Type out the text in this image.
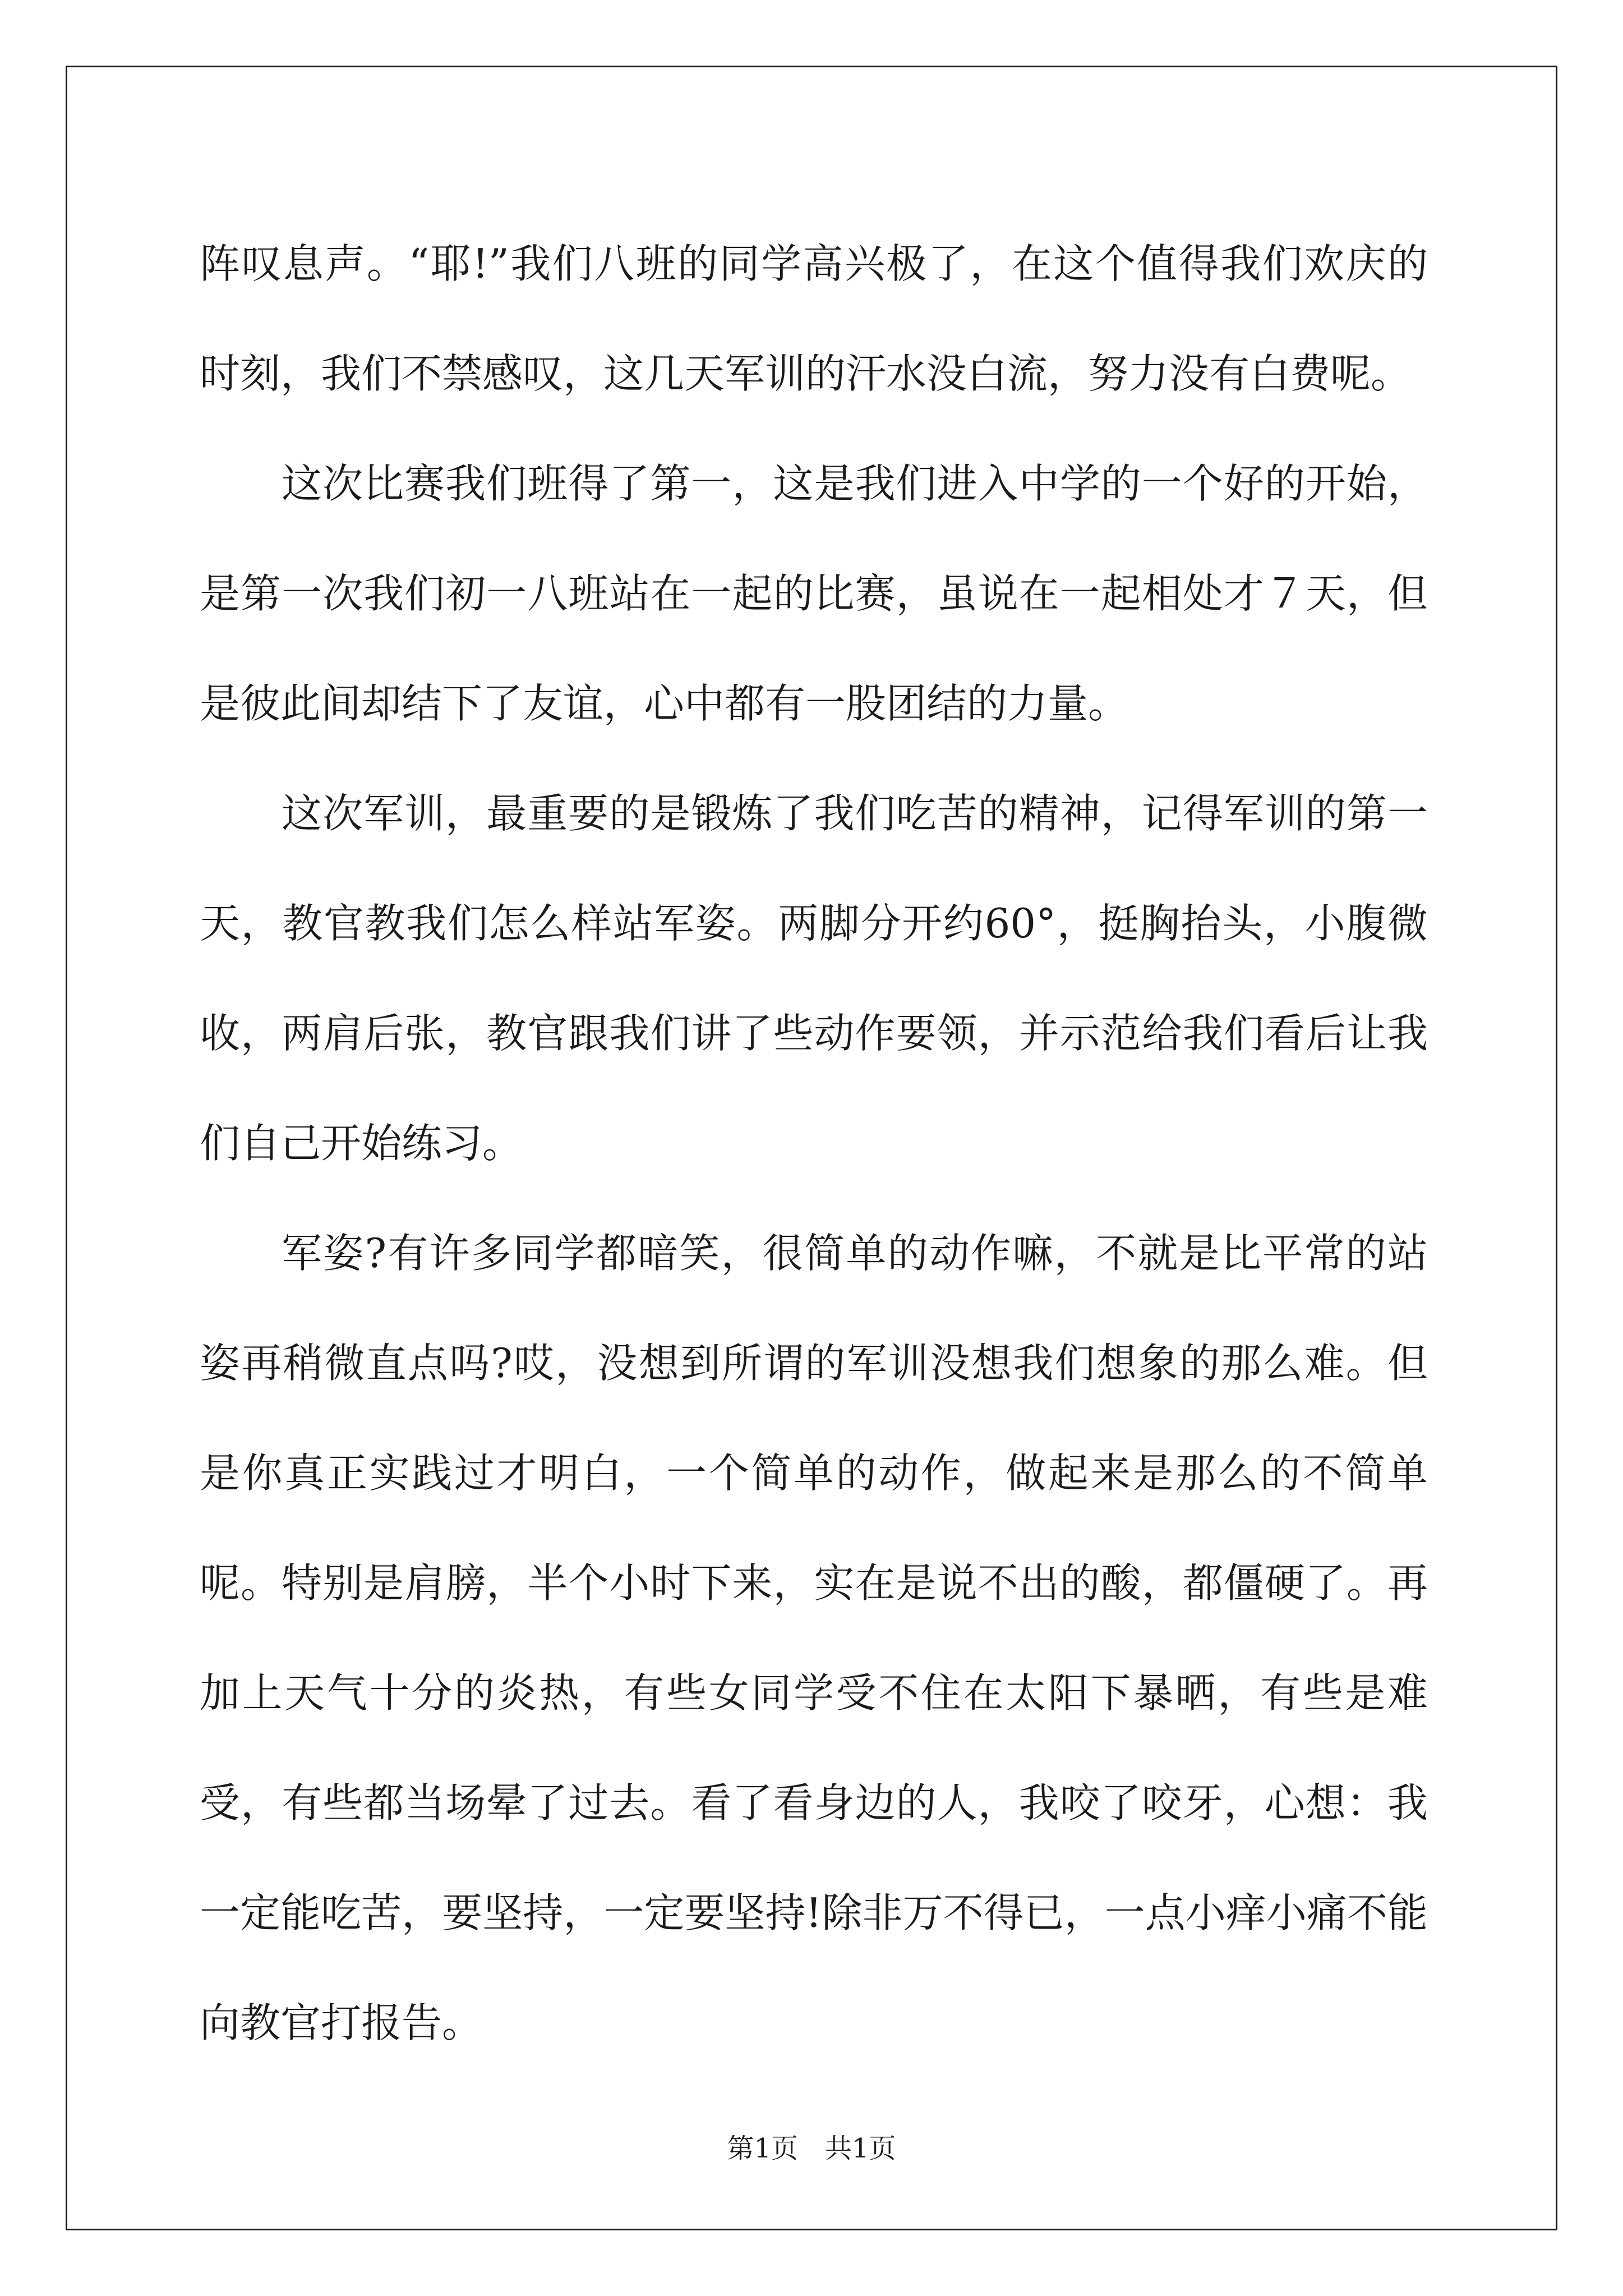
阵叹息声。“耶!”我们八班的同学高兴极了，在这个值得我们欢庆的时刻，我们不禁感叹，这几天军训的汗水没白流，努力没有白费呢。

这次比赛我们班得了第一，这是我们进入中学的一个好的开始，是第一次我们初一八班站在一起的比赛，虽说在一起相处才７天，但是彼此间却结下了友谊，心中都有一股团结的力量。

这次军训，最重要的是锻炼了我们吃苦的精神，记得军训的第一天，教官教我们怎么样站军姿。两脚分开约60°，挺胸抬头，小腹微收，两肩后张，教官跟我们讲了些动作要领，并示范给我们看后让我们自己开始练习。

军姿?有许多同学都暗笑，很简单的动作嘛，不就是比平常的站姿再稍微直点吗?哎，没想到所谓的军训没想我们想象的那么难。但是你真正实践过才明白，一个简单的动作，做起来是那么的不简单呢。特别是肩膀，半个小时下来，实在是说不出的酸，都僵硬了。再加上天气十分的炎热，有些女同学受不住在太阳下暴晒，有些是难受，有些都当场晕了过去。看了看身边的人，我咬了咬牙，心想：我一定能吃苦，要坚持，一定要坚持!除非万不得已，一点小痒小痛不能向教官打报告。

第1页　共1页
